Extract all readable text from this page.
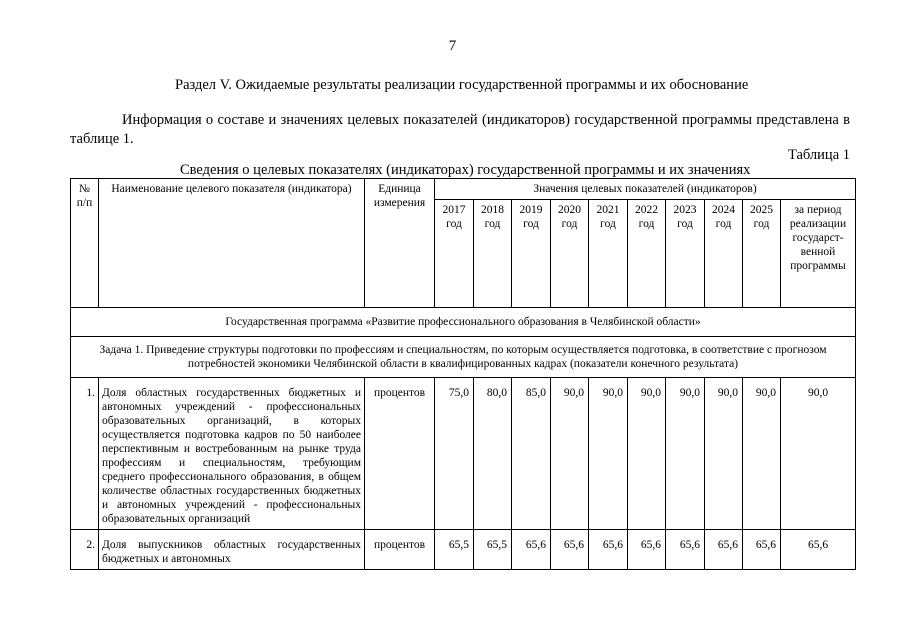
7
Раздел V. Ожидаемые результаты реализации государственной программы и их обоснование
Информация о составе и значениях целевых показателей (индикаторов) государственной программы представлена в таблице 1.
Таблица 1
Сведения о целевых показателях (индикаторах) государственной программы и их значениях
№ п/п	Наименование целевого показателя (индикатора)	Единица измерения	Значения целевых показателей (индикаторов)									
			2017 год	2018 год	2019 год	2020 год	2021 год	2022 год	2023 год	2024 год	2025 год	за период реализации государст-венной программы
Государственная программа «Развитие профессионального образования в Челябинской области»												
Задача 1. Приведение структуры подготовки по профессиям и специальностям, по которым осуществляется подготовка, в соответствие с прогнозом потребностей экономики Челябинской области в квалифицированных кадрах (показатели конечного результата)												
1.	Доля областных государственных бюджетных и автономных учреждений - профессиональных образовательных организаций, в которых осуществляется подготовка кадров по 50 наиболее перспективным и востребованным на рынке труда профессиям и специальностям, требующим среднего профессионального образования, в общем количестве областных государственных бюджетных и автономных учреждений - профессиональных образовательных организаций	процентов	75,0	80,0	85,0	90,0	90,0	90,0	90,0	90,0	90,0	90,0
2.	Доля выпускников областных государственных бюджетных и автономных	процентов	65,5	65,5	65,6	65,6	65,6	65,6	65,6	65,6	65,6	65,6
